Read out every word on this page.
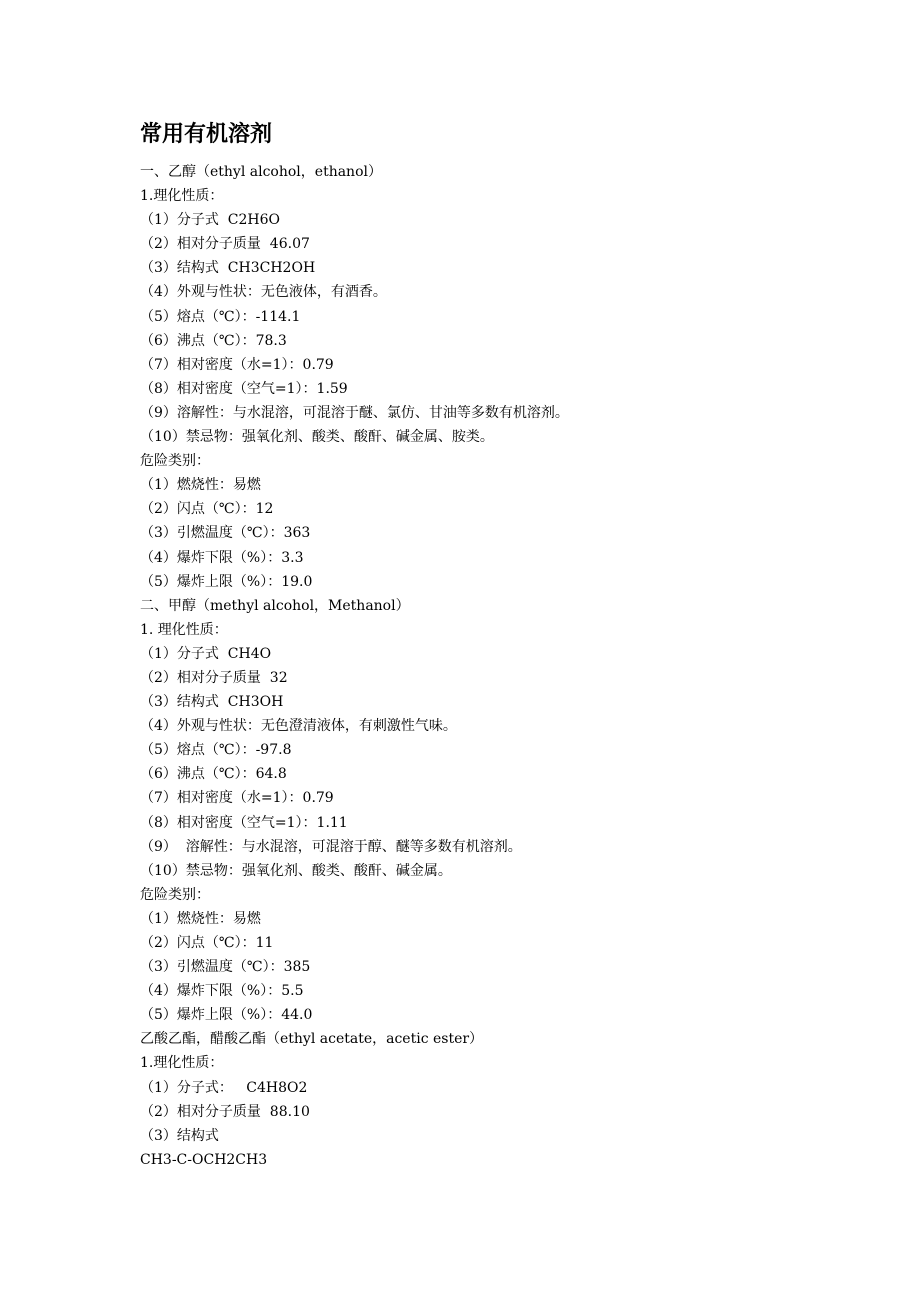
常用有机溶剂
一、乙醇（ethyl alcohol，ethanol）
1.理化性质：
（1）分子式  C2H6O
（2）相对分子质量  46.07
（3）结构式  CH3CH2OH
（4）外观与性状：无色液体，有酒香。
（5）熔点（℃）：-114.1
（6）沸点（℃）：78.3
（7）相对密度（水=1）：0.79
（8）相对密度（空气=1）：1.59
（9）溶解性：与水混溶，可混溶于醚、氯仿、甘油等多数有机溶剂。
（10）禁忌物：强氧化剂、酸类、酸酐、碱金属、胺类。
危险类别：
（1）燃烧性：易燃
（2）闪点（℃）：12
（3）引燃温度（℃）：363
（4）爆炸下限（%）：3.3
（5）爆炸上限（%）：19.0
二、甲醇（methyl alcohol，Methanol）
1. 理化性质：
（1）分子式  CH4O
（2）相对分子质量  32
（3）结构式  CH3OH
（4）外观与性状：无色澄清液体，有刺激性气味。
（5）熔点（℃）：-97.8
（6）沸点（℃）：64.8
（7）相对密度（水=1）：0.79
（8）相对密度（空气=1）：1.11
（9）  溶解性：与水混溶，可混溶于醇、醚等多数有机溶剂。
（10）禁忌物：强氧化剂、酸类、酸酐、碱金属。
危险类别：
（1）燃烧性：易燃
（2）闪点（℃）：11
（3）引燃温度（℃）：385
（4）爆炸下限（%）：5.5
（5）爆炸上限（%）：44.0
乙酸乙酯，醋酸乙酯（ethyl acetate，acetic ester）
1.理化性质：
（1）分子式：   C4H8O2
（2）相对分子质量  88.10
（3）结构式
CH3-C-OCH2CH3
